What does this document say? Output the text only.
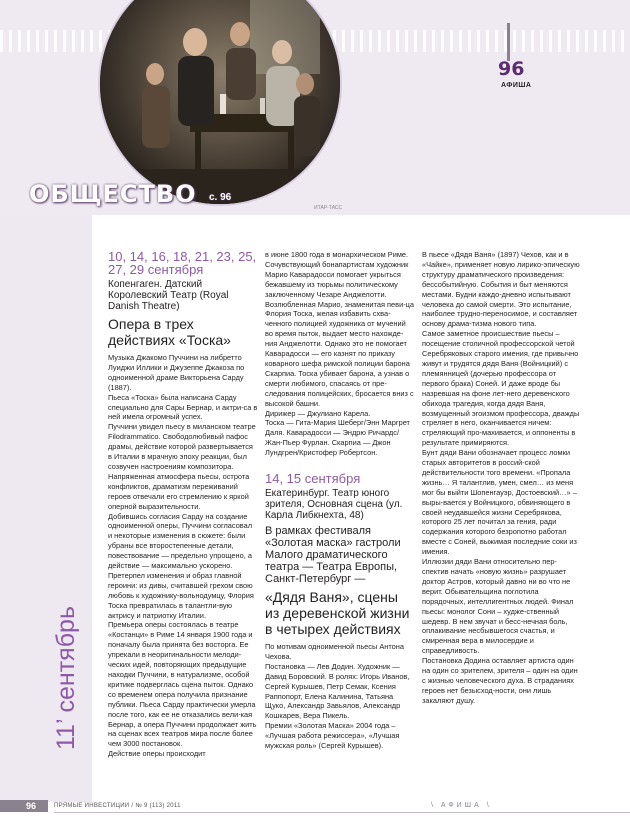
ИТАР-ТАСС
96
АФИША
ОБЩЕСТВО с. 96
11’ сентябрь
10, 14, 16, 18, 21, 23, 25, 27, 29 сентября
Копенгаген. Датский Королевский Театр (Royal Danish Theatre)
Опера в трех действиях «Тоска»

Музыка Джакомо Пуччини на либретто Луиджи Иллики и Джузеппе Джакоза по одноименной драме Викторьена Сарду (1887).

Пьеса «Тоска» была написана Сарду специально для Сары Бернар, и актри-са в ней имела огромный успех.

Пуччини увидел пьесу в миланском театре Filodrammatico. Свободолюбивый пафос драмы, действие которой развертывается в Италии в мрачную эпоху реакции, был созвучен настроениям композитора. Напряженная атмосфера пьесы, острота конфликтов, драматизм переживаний героев отвечали его стремлению к яркой оперной выразительности.

Добившись согласия Сарду на создание одноименной оперы, Пуччини согласовал и некоторые изменения в сюжете: были убраны все второстепенные детали, повествование — предельно упрощено, а действие — максимально ускорено. Претерпел изменения и образ главной героини: из дивы, считавшей грехом свою любовь к художнику-вольнодумцу, Флория Тоска превратилась в талантли-вую актрису и патриотку Италии.

Премьера оперы состоялась в театре «Костанци» в Риме 14 января 1900 года и поначалу была принята без восторга. Ее упрекали в неоригинальности мелоди-ческих идей, повторяющих предыдущие находки Пуччини, в натурализме, особой критике подверглась сцена пыток. Однако со временем опера получила признание публики. Пьеса Сарду практически умерла после того, как ее не отказались вели-кая Бернар, а опера Пуччини продолжает жить на сценах всех театров мира после более чем 3000 постановок.

Действие оперы происходит

в июне 1800 года в монархическом Риме. Сочувствующий бонапартистам художник Марио Каварадосси помогает укрыться бежавшему из тюрьмы политическому заключенному Чезаре Анджелотти. Возлюбленная Марио, знаменитая певи-ца Флория Тоска, желая избавить схва-ченного полицией художника от мучений во время пыток, выдает место нахожде-ния Анджелотти. Однако это не помогает Каварадосси — его казнят по приказу коварного шефа римской полиции барона Скарпиа. Тоска убивает барона, а узнав о смерти любимого, спасаясь от пре-следования полицейских, бросается вниз с высокой башни.

Дирижер — Джулиано Карела.

Тоска — Гита-Мария Шеберг/Энн Маргрет Даля. Каварадосси — Эндрю Ричардс/Жан-Пьер Фурлан. Скарпиа — Джон Лундгрен/Кристофер Робертсон.

14, 15 сентября
Екатеринбург. Театр юного зрителя, Основная сцена (ул. Карла Либкнехта, 48)
В рамках фестиваля «Золотая маска» гастроли Малого драматического театра — Театра Европы, Санкт-Петербург —
«Дядя Ваня», сцены из деревенской жизни в четырех действиях

По мотивам одноименной пьесы Антона Чехова.

Постановка — Лев Додин. Художник — Давид Боровский. В ролях: Игорь Иванов, Сергей Курышев, Петр Семак, Ксения Раппопорт, Елена Калинина, Татьяна Щуко, Александр Завьялов, Александр Кошкарев, Вера Пикель.

Премии «Золотая Маска» 2004 года – «Лучшая работа режиссера», «Лучшая мужская роль» (Сергей Курышев).

В пьесе «Дядя Ваня» (1897) Чехов, как и в «Чайке», применяет новую лирико-эпическую структуру драматического произведения: бессобытийную. События и быт меняются местами. Будни каждо-дневно испытывают человека до самой смерти. Это испытание, наиболее трудно-переносимое, и составляет основу драма-тизма нового типа.

Самое заметное происшествие пьесы – посещение столичной профессорской четой Серебряковых старого имения, где привычно живут и трудятся дядя Ваня (Войницкий) с племянницей (дочерью профессора от первого брака) Соней. И даже вроде бы назревшая на фоне лет-него деревенского обихода трагедия, когда дядя Ваня, возмущенный эгоизмом профессора, дважды стреляет в него, оканчивается ничем: стреляющий про-махивается, и оппоненты в результате примиряются.

Бунт дяди Вани обозначает процесс ломки старых авторитетов в россий-ской действительности того времени. «Пропала жизнь… Я талантлив, умен, смел… из меня мог бы выйти Шопенгауэр, Достоевский…» – выры-вается у Войницкого, обвиняющего в своей неудавшейся жизни Серебрякова, которого 25 лет почитал за гения, ради содержания которого безропотно работал вместе с Соней, выжимая последние соки из имения.

Иллюзии дяди Вани относительно пер-спектив начать «новую жизнь» разрушает доктор Астров, который давно ни во что не верит. Обывательщина поглотила порядочных, интеллигентных людей. Финал пьесы: монолог Сони – худже-ственный шедевр. В нем звучат и бесс-нечная боль, оплакивание несбывшегося счастья, и смиренная вера в милосердие и справедливость.

Постановка Додина оставляет артиста один на один со зрителем, зрителя – один на один с жизнью человеческого духа. В страданиях героев нет безысход-ности, они лишь закаляют душу.

96	ПРЯМЫЕ ИНВЕСТИЦИИ / № 9 (113) 2011	\ АФИША \
